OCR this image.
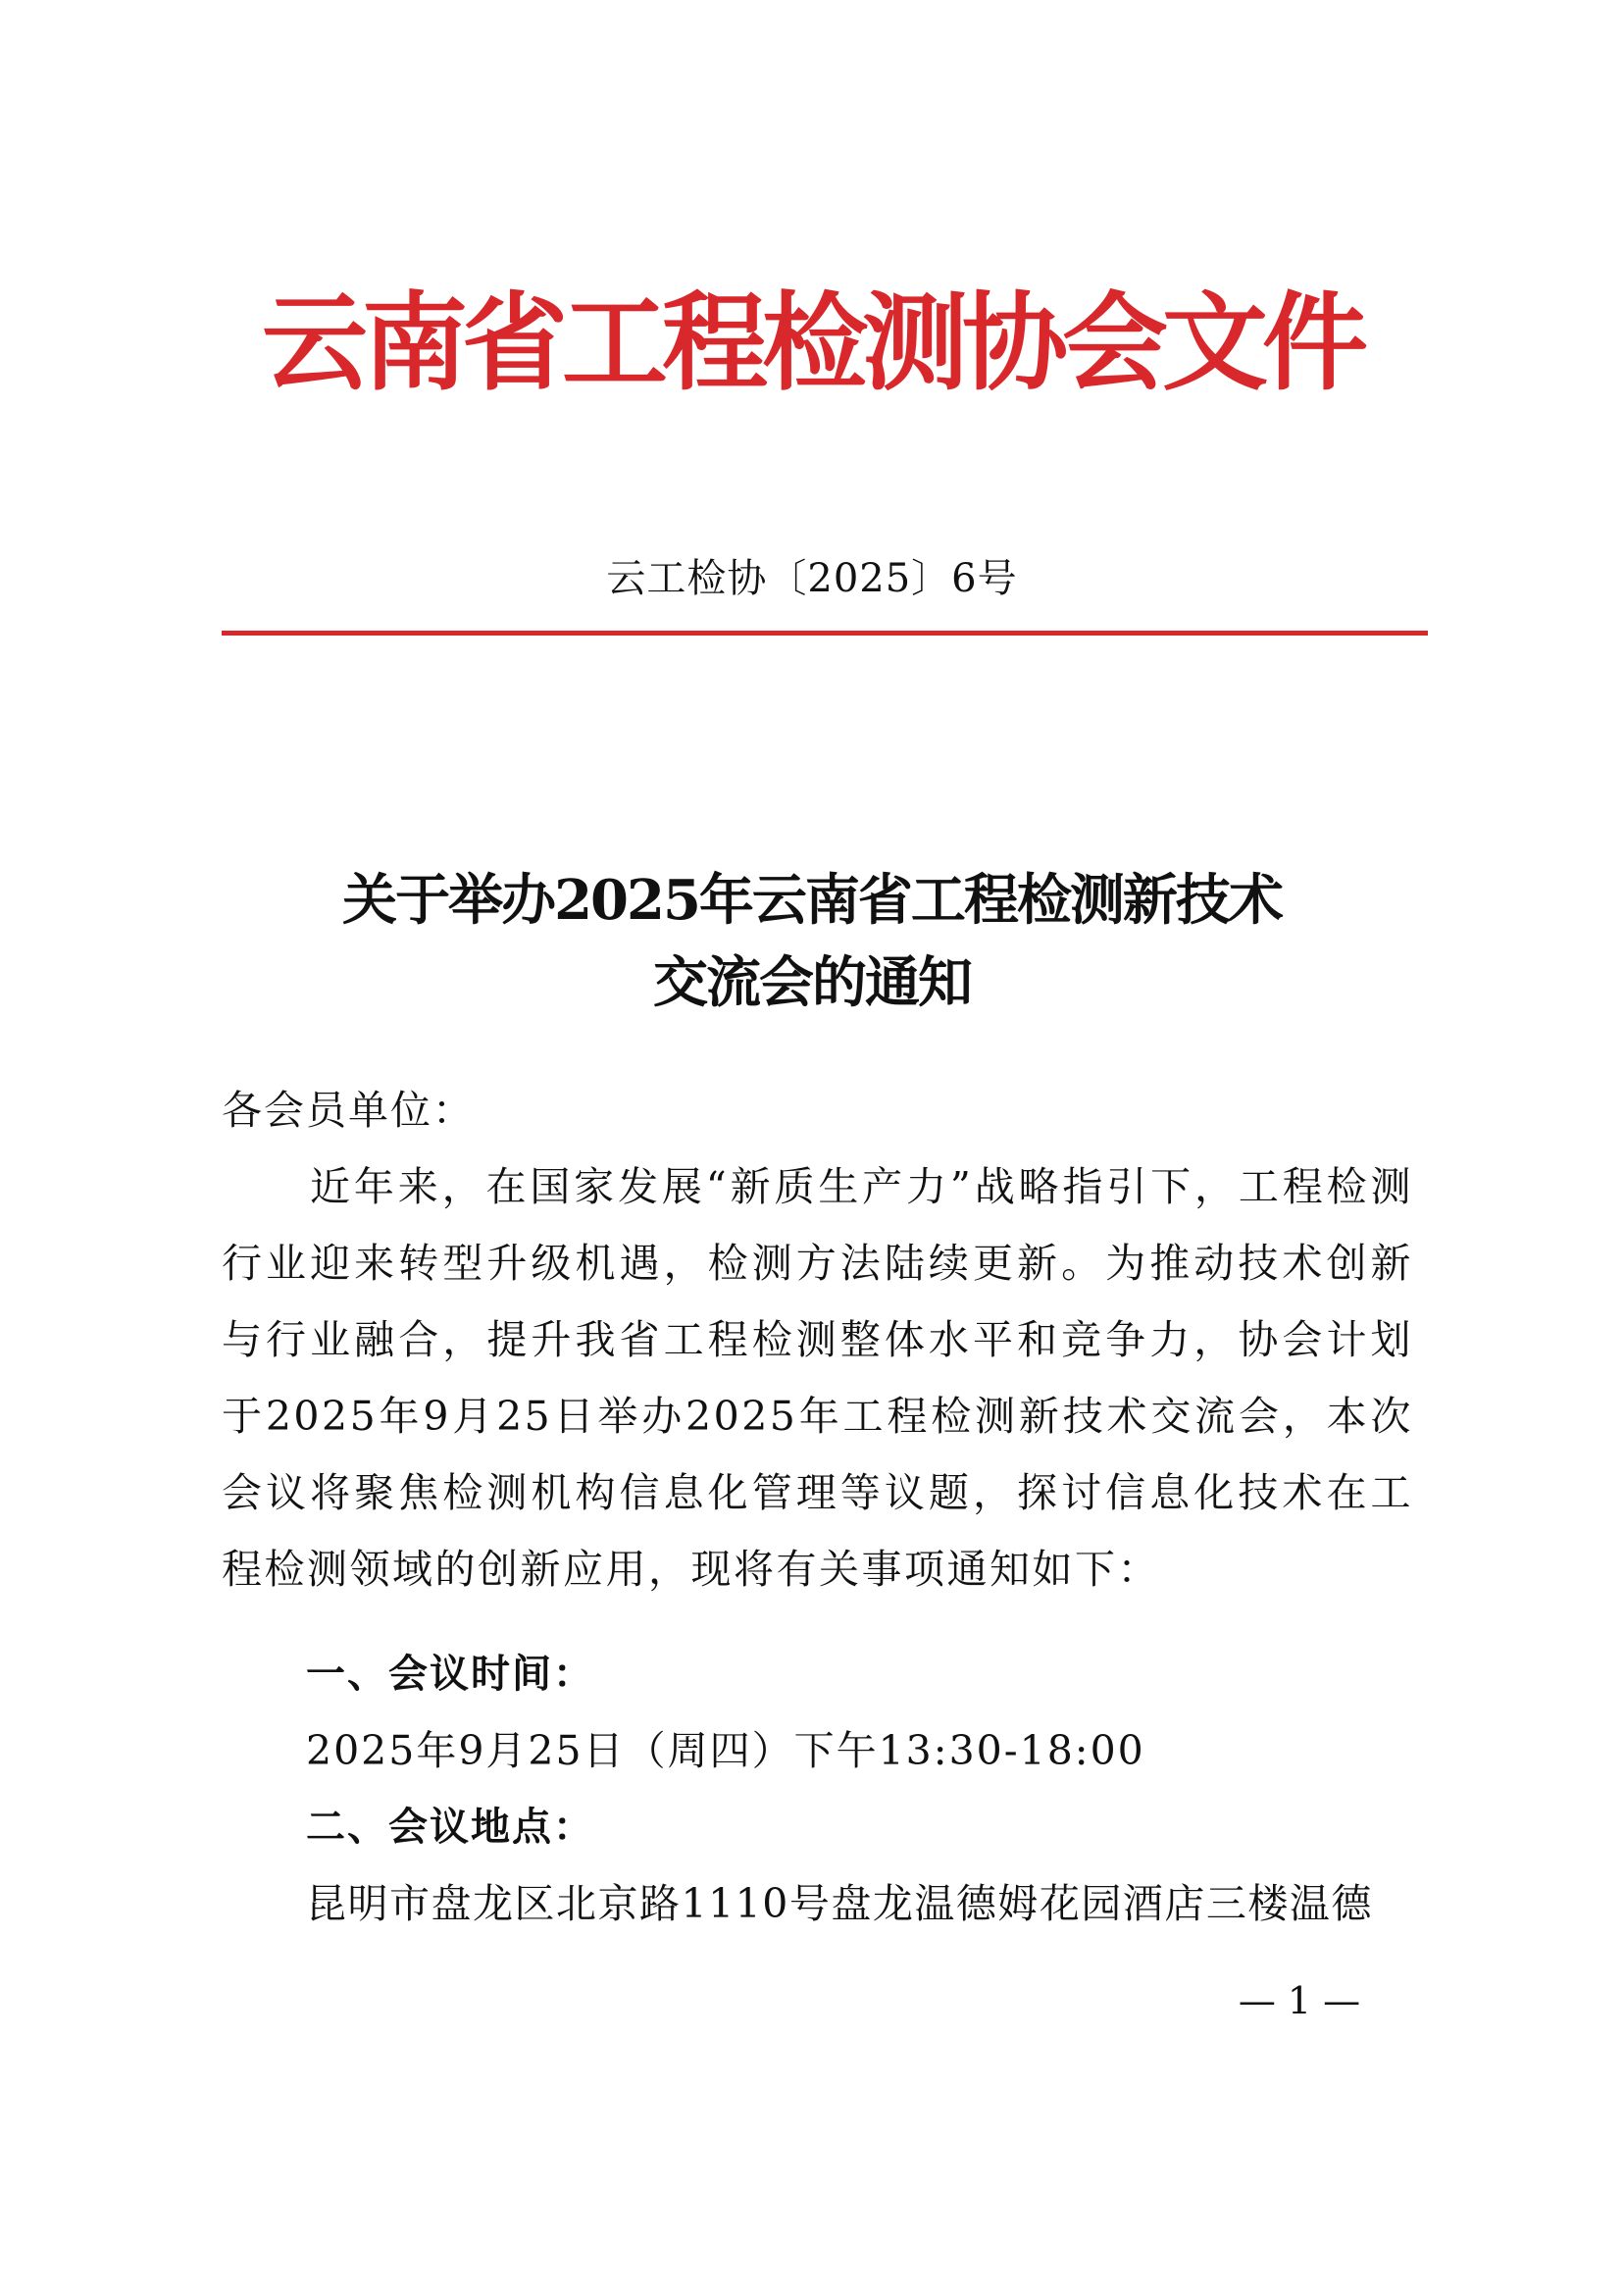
云南省工程检测协会文件
云工检协〔2025〕6号
关于举办2025年云南省工程检测新技术
交流会的通知
各会员单位：
近年来，在国家发展“新质生产力”战略指引下，工程检测行业迎来转型升级机遇，检测方法陆续更新。为推动技术创新与行业融合，提升我省工程检测整体水平和竞争力，协会计划于2025年9月25日举办2025年工程检测新技术交流会，本次会议将聚焦检测机构信息化管理等议题，探讨信息化技术在工程检测领域的创新应用，现将有关事项通知如下：
一、会议时间：
2025年9月25日（周四）下午13:30-18:00
二、会议地点：
昆明市盘龙区北京路1110号盘龙温德姆花园酒店三楼温德
— 1 —
